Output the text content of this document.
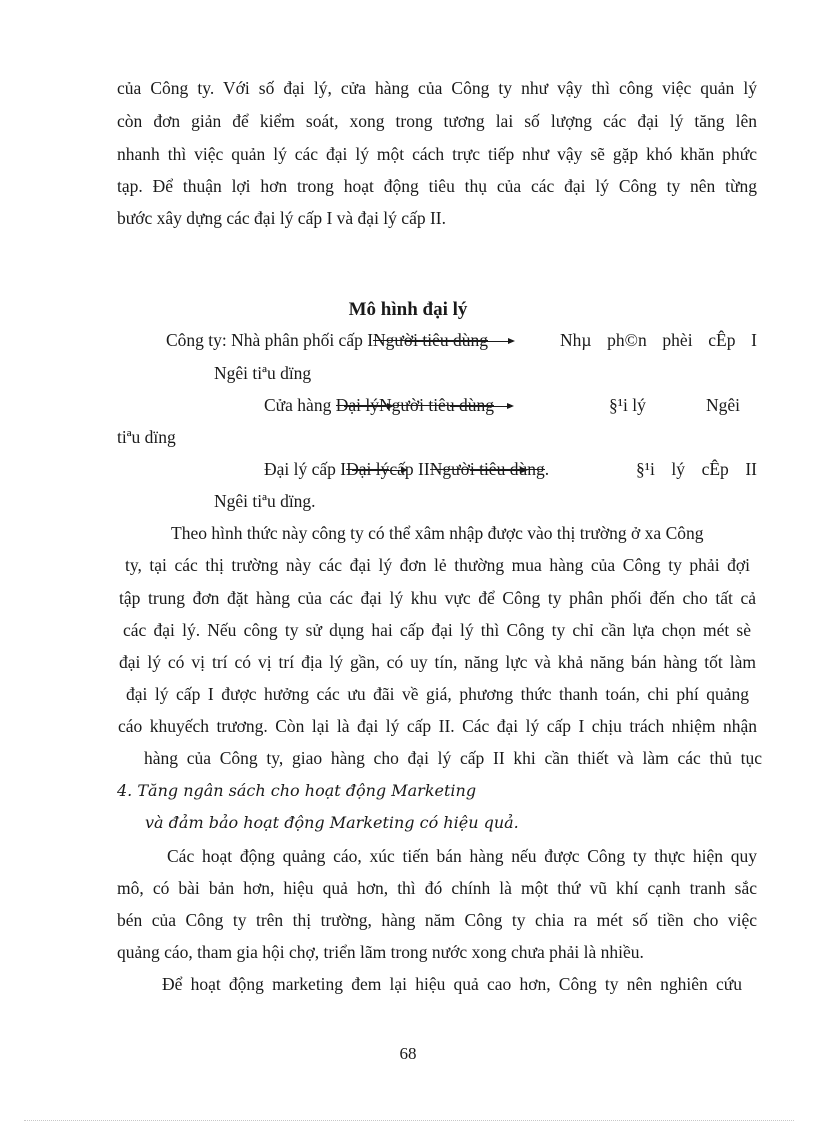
của Công ty. Với số đại lý, cửa hàng của Công ty như vậy thì công việc quản lý
còn đơn giản để kiểm soát, xong trong tương lai số lượng các đại lý tăng lên
nhanh thì việc quản lý các đại lý một cách trực tiếp như vậy sẽ gặp khó khăn phức
tạp. Để thuận lợi hơn trong hoạt động tiêu thụ của các đại lý Công ty nên từng
bước xây dựng các đại lý cấp I và đại lý cấp II.
Mô hình đại lý
Công ty: Nhà phân phối cấp INgười tiêu dùng	Nhµ ph©n phèi cÊp I
Ngêi tiªu dïng
Cửa hàng Đại lýNgười tiêu dùng	§¹i lý	Ngêi
tiªu dïng
Đại lý cấp IĐại lýcấp IINgười tiêu dùng.	§¹i lý cÊp II
Ngêi tiªu dïng.
Theo hình thức này công ty có thể xâm nhập được vào thị trường ở xa Công
ty, tại các thị trường này các đại lý đơn lẻ thường mua hàng của Công ty phải đợi
tập trung đơn đặt hàng của các đại lý khu vực để Công ty phân phối đến cho tất cả
các đại lý. Nếu công ty sử dụng hai cấp đại lý thì Công ty chỉ cần lựa chọn mét sè
đại lý có vị trí có vị trí địa lý gần, có uy tín, năng lực và khả năng bán hàng tốt làm
đại lý cấp I được hưởng các ưu đãi về giá, phương thức thanh toán, chi phí quảng
cáo khuyếch trương. Còn lại là đại lý cấp II. Các đại lý cấp I chịu trách nhiệm nhận
hàng của Công ty, giao hàng cho đại lý cấp II khi cần thiết và làm các thủ tục
4. Tăng ngân sách cho hoạt động Marketing
và đảm bảo hoạt động Marketing có hiệu quả.
Các hoạt động quảng cáo, xúc tiến bán hàng nếu được Công ty thực hiện quy
mô, có bài bản hơn, hiệu quả hơn, thì đó chính là một thứ vũ khí cạnh tranh sắc
bén của Công ty trên thị trường, hàng năm Công ty chia ra mét số tiền cho việc
quảng cáo, tham gia hội chợ, triển lãm trong nước xong chưa phải là nhiều.
Để hoạt động marketing đem lại hiệu quả cao hơn, Công ty nên nghiên cứu
68
